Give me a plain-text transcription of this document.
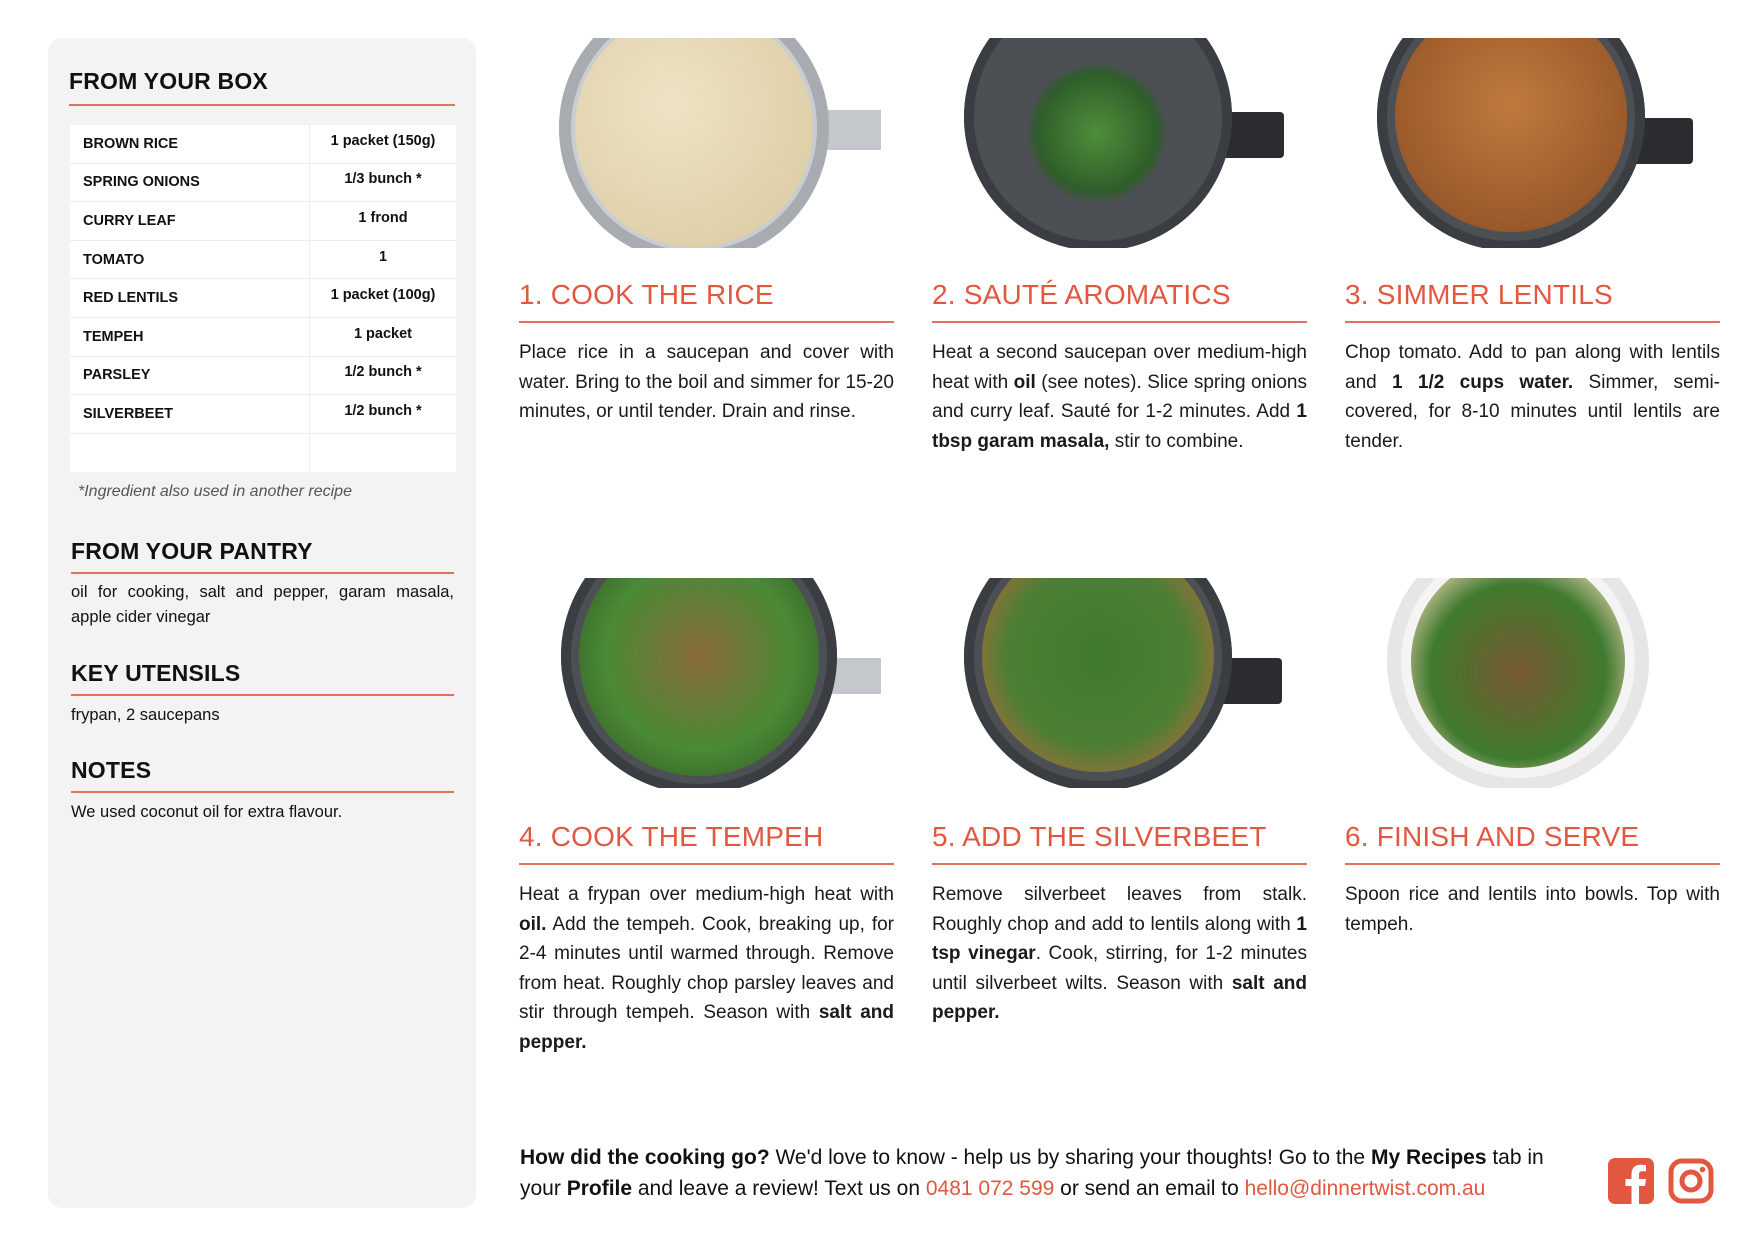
FROM YOUR BOX
BROWN RICE	1 packet (150g)
SPRING ONIONS	1/3 bunch *
CURRY LEAF	1 frond
TOMATO	1
RED LENTILS	1 packet (100g)
TEMPEH	1 packet
PARSLEY	1/2 bunch *
SILVERBEET	1/2 bunch *
*Ingredient also used in another recipe
FROM YOUR PANTRY
oil for cooking, salt and pepper, garam masala, apple cider vinegar
KEY UTENSILS
frypan, 2 saucepans
NOTES
We used coconut oil for extra flavour.
1. COOK THE RICE
Place rice in a saucepan and cover with water. Bring to the boil and simmer for 15-20 minutes, or until tender. Drain and rinse.
2. SAUTÉ AROMATICS
Heat a second saucepan over medium-high heat with oil (see notes). Slice spring onions and curry leaf. Sauté for 1-2 minutes. Add 1 tbsp garam masala, stir to combine.
3. SIMMER LENTILS
Chop tomato. Add to pan along with lentils and 1 1/2 cups water. Simmer, semi-covered, for 8-10 minutes until lentils are tender.
4. COOK THE TEMPEH
Heat a frypan over medium-high heat with oil. Add the tempeh. Cook, breaking up, for 2-4 minutes until warmed through. Remove from heat. Roughly chop parsley leaves and stir through tempeh. Season with salt and pepper.
5. ADD THE SILVERBEET
Remove silverbeet leaves from stalk. Roughly chop and add to lentils along with 1 tsp vinegar. Cook, stirring, for 1-2 minutes until silverbeet wilts. Season with salt and pepper.
6. FINISH AND SERVE
Spoon rice and lentils into bowls. Top with tempeh.
How did the cooking go? We'd love to know - help us by sharing your thoughts! Go to the My Recipes tab in your Profile and leave a review! Text us on 0481 072 599 or send an email to hello@dinnertwist.com.au
